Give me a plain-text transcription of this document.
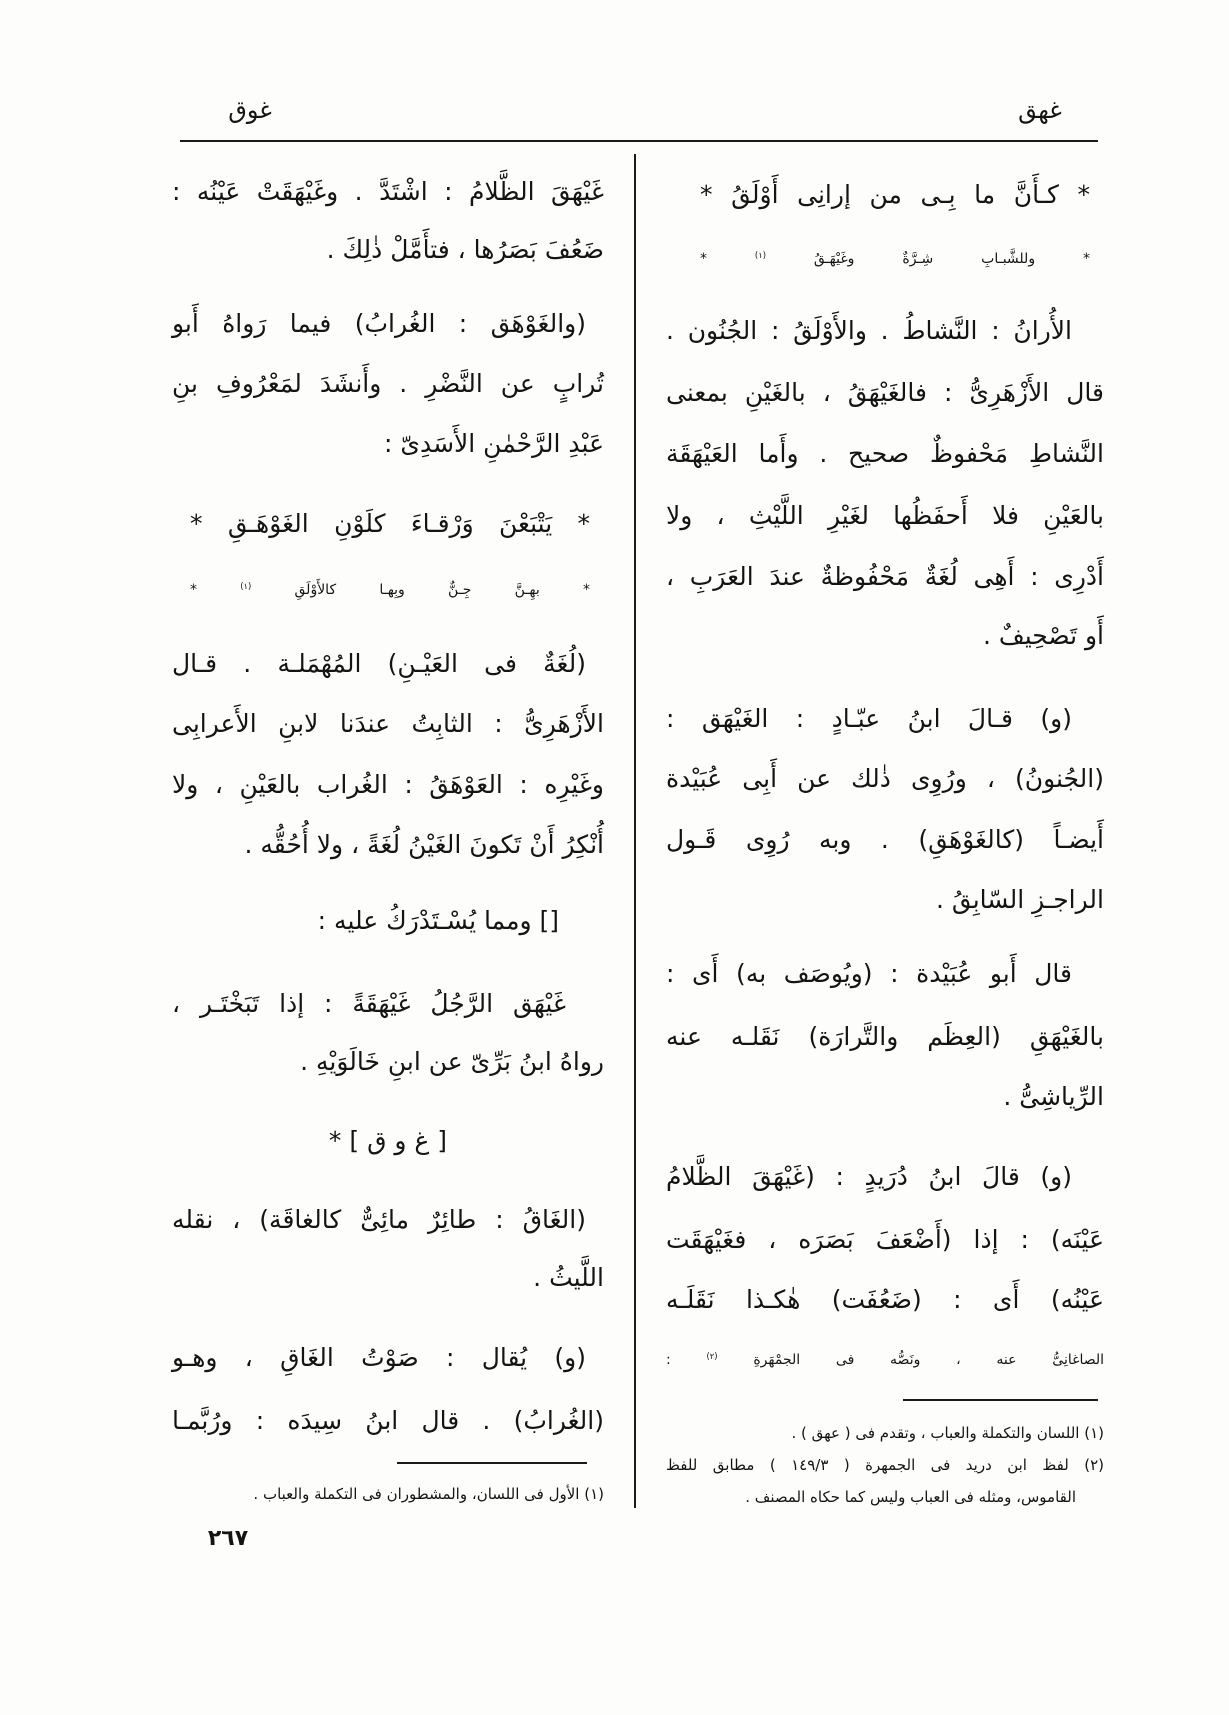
غهق
غوق
* كـأَنَّ ما بِـى من إرانِى أَوْلَقُ *
* وللشَّبـابِ شِـرَّةٌ وغَيْهَـقُ $^{(١)}$ *
الأُرانُ : النَّشاطُ . والأَوْلَقُ : الجُنُون .
قال الأَزْهَرِىُّ : فالغَيْهَقُ ، بالغَيْنِ بمعنى
النَّشاطِ مَحْفوظٌ صحيح . وأَما العَيْهَقَة
بالعَيْنِ فلا أَحفَظُها لغَيْرِ اللَّيْثِ ، ولا
أَدْرِى : أَهِى لُغَةٌ مَحْفُوظةٌ عندَ العَرَبِ ،
أَو تَصْحِيفٌ .
(و) قـالَ ابنُ عبّـادٍ : الغَيْهَق :
(الجُنونُ) ، ورُوِى ذٰلك عن أَبِى عُبَيْدة
أَيضـاً (كالغَوْهَقِ) . وبه رُوِى قَـول
الراجـزِ السّابِقُ .
قال أَبو عُبَيْدة : (ويُوصَف به) أَى :
بالغَيْهَقِ (العِظَم والتَّرارَة) نَقَلـه عنه
الرِّياشِىُّ .
(و) قالَ ابنُ دُرَيدٍ : (غَيْهَقَ الظَّلامُ
عَيْنَه) : إذا (أَضْعَفَ بَصَرَه ، فغَيْهَقَت
عَيْنُه) أَى : (ضَعُفَت) هٰكـذا نَقَلَـه
الصاغانِىُّ عنه ، ونَصُّه فى الجمْهَرةِ $^{(٢)}$ :
(١) اللسان والتكملة والعباب ، وتقدم فى ( عهق ) .
(٢) لفظ ابن دريد فى الجمهرة ( ١٤٩/٣ ) مطابق للفظ
القاموس، ومثله فى العباب وليس كما حكاه المصنف .
غَيْهَقَ الظَّلامُ : اشْتَدَّ . وغَيْهَقَتْ عَيْنُه :
ضَعُفَ بَصَرُها ، فتأَمَّلْ ذٰلِكَ .
(والغَوْهَق : الغُرابُ) فيما رَواهُ أَبو
تُرابٍ عن النَّضْرِ . وأَنشَدَ لمَعْرُوفِ بنِ
عَبْدِ الرَّحْمٰنِ الأَسَدِىّ :
* يَتْبَعْنَ وَرْقـاءَ كلَوْنِ الغَوْهَـقِ *
* بهِـنَّ جِـنٌّ وبِهـا كالأَوْلَقِ $^{(١)}$ *
(لُغَةٌ فى العَيْـنِ) المُهْمَلـة . قـال
الأَزْهَرِىُّ : الثابِتُ عندَنا لابنِ الأَعرابِى
وغَيْرِه : العَوْهَقُ : الغُراب بالعَيْنِ ، ولا
أُنْكِرُ أَنْ تَكونَ الغَيْنُ لُغَةً ، ولا أُحُقُّه .
[] ومما يُسْـتَدْرَكُ عليه :
غَيْهَق الرَّجُلُ غَيْهَقَةً : إذا تَبَخْتَـر ،
رواهُ ابنُ بَرِّىّ عن ابنِ خَالَوَيْهِ .
[ غ و ق ] *
(الغَاقُ : طائِرٌ مائِىٌّ كالغاقَة) ، نقله
اللَّيثُ .
(و) يُقال : صَوْتُ الغَاقِ ، وهـو
(الغُرابُ) . قال ابنُ سِيدَه : ورُبَّمـا
(١) الأول فى اللسان، والمشطوران فى التكملة والعباب .
٢٦٧
